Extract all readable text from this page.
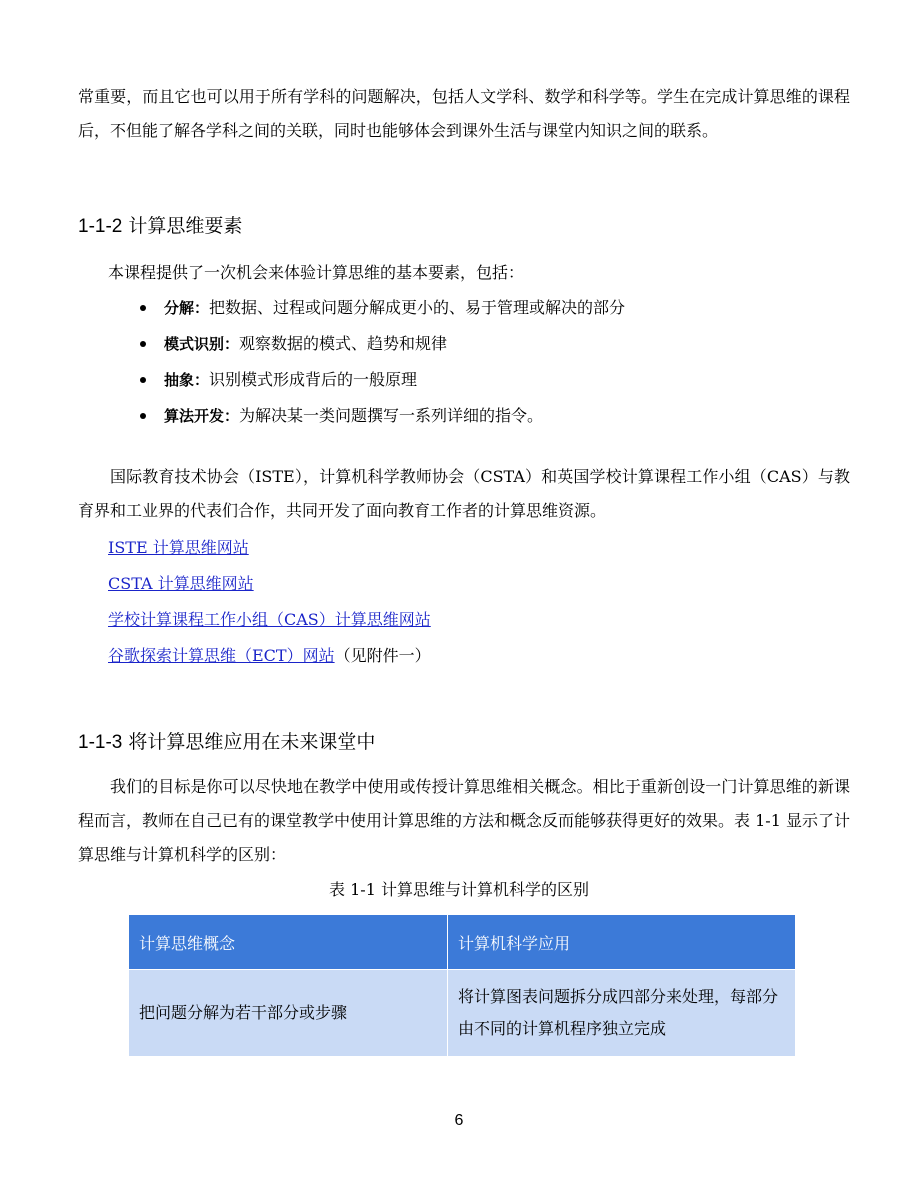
常重要，而且它也可以用于所有学科的问题解决，包括人文学科、数学和科学等。学生在完成计算思维的课程后，不但能了解各学科之间的关联，同时也能够体会到课外生活与课堂内知识之间的联系。
1-1-2 计算思维要素
本课程提供了一次机会来体验计算思维的基本要素，包括：
分解：把数据、过程或问题分解成更小的、易于管理或解决的部分
模式识别：观察数据的模式、趋势和规律
抽象：识别模式形成背后的一般原理
算法开发：为解决某一类问题撰写一系列详细的指令。
国际教育技术协会（ISTE），计算机科学教师协会（CSTA）和英国学校计算课程工作小组（CAS）与教育界和工业界的代表们合作，共同开发了面向教育工作者的计算思维资源。
ISTE 计算思维网站
CSTA 计算思维网站
学校计算课程工作小组（CAS）计算思维网站
谷歌探索计算思维（ECT）网站（见附件一）
1-1-3 将计算思维应用在未来课堂中
我们的目标是你可以尽快地在教学中使用或传授计算思维相关概念。相比于重新创设一门计算思维的新课程而言，教师在自己已有的课堂教学中使用计算思维的方法和概念反而能够获得更好的效果。表 1-1 显示了计算思维与计算机科学的区别：
表 1-1 计算思维与计算机科学的区别
计算思维概念	计算机科学应用
把问题分解为若干部分或步骤	将计算图表问题拆分成四部分来处理，每部分由不同的计算机程序独立完成
6
